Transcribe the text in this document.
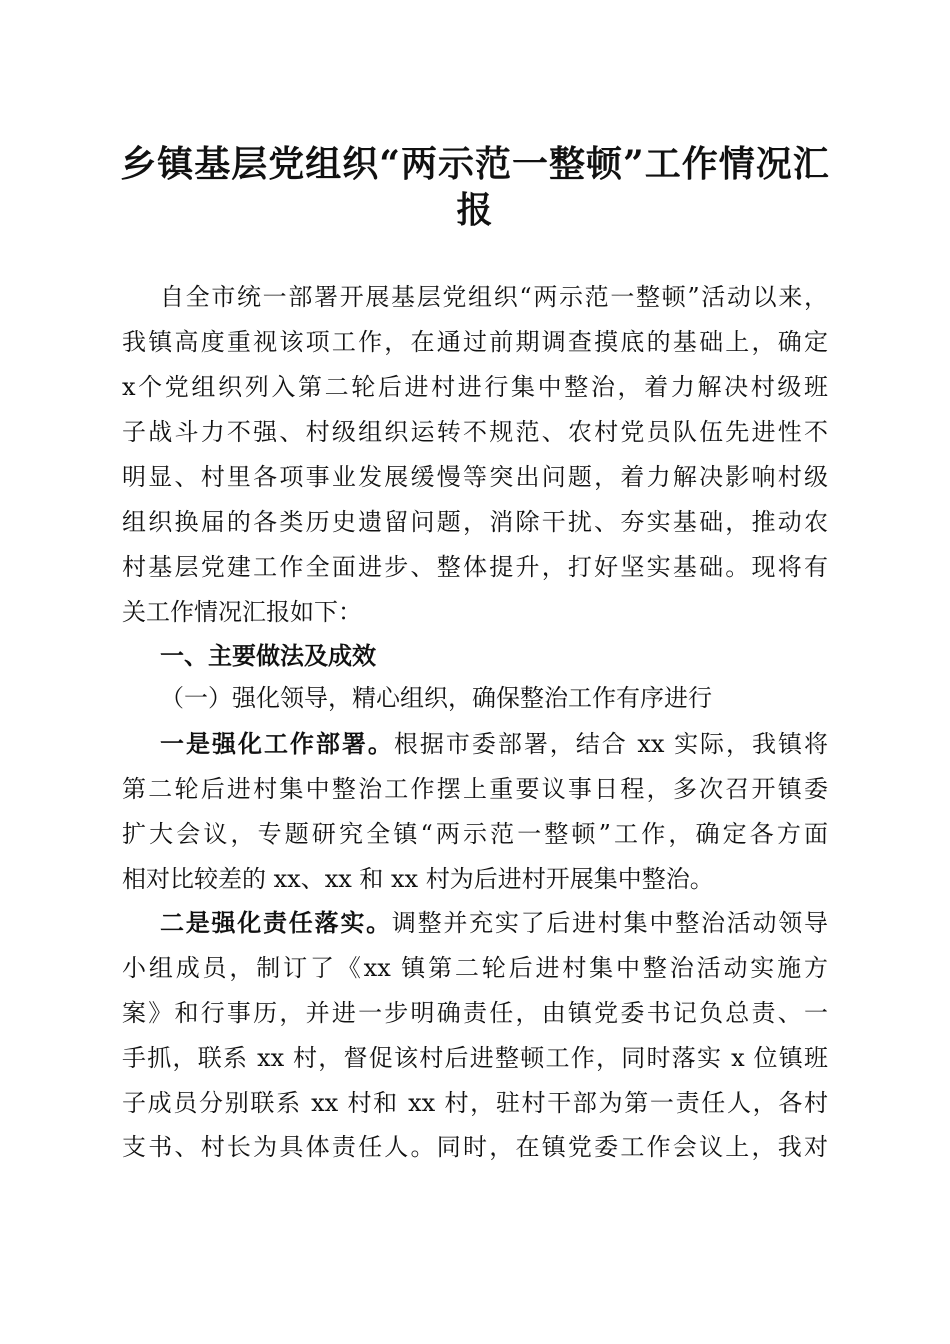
乡镇基层党组织“两示范一整顿”工作情况汇
报
自全市统一部署开展基层党组织“两示范一整顿”活动以来，
我镇高度重视该项工作，在通过前期调查摸底的基础上，确定
x个党组织列入第二轮后进村进行集中整治，着力解决村级班
子战斗力不强、村级组织运转不规范、农村党员队伍先进性不
明显、村里各项事业发展缓慢等突出问题，着力解决影响村级
组织换届的各类历史遗留问题，消除干扰、夯实基础，推动农
村基层党建工作全面进步、整体提升，打好坚实基础。现将有
关工作情况汇报如下：
一、主要做法及成效
（一）强化领导，精心组织，确保整治工作有序进行
一是强化工作部署。根据市委部署，结合 xx 实际，我镇将
第二轮后进村集中整治工作摆上重要议事日程，多次召开镇委
扩大会议，专题研究全镇“两示范一整顿”工作，确定各方面
相对比较差的 xx、xx 和 xx 村为后进村开展集中整治。
二是强化责任落实。调整并充实了后进村集中整治活动领导
小组成员，制订了《xx 镇第二轮后进村集中整治活动实施方
案》和行事历，并进一步明确责任，由镇党委书记负总责、一
手抓，联系 xx 村，督促该村后进整顿工作，同时落实 x 位镇班
子成员分别联系 xx 村和 xx 村，驻村干部为第一责任人，各村
支书、村长为具体责任人。同时，在镇党委工作会议上，我对
